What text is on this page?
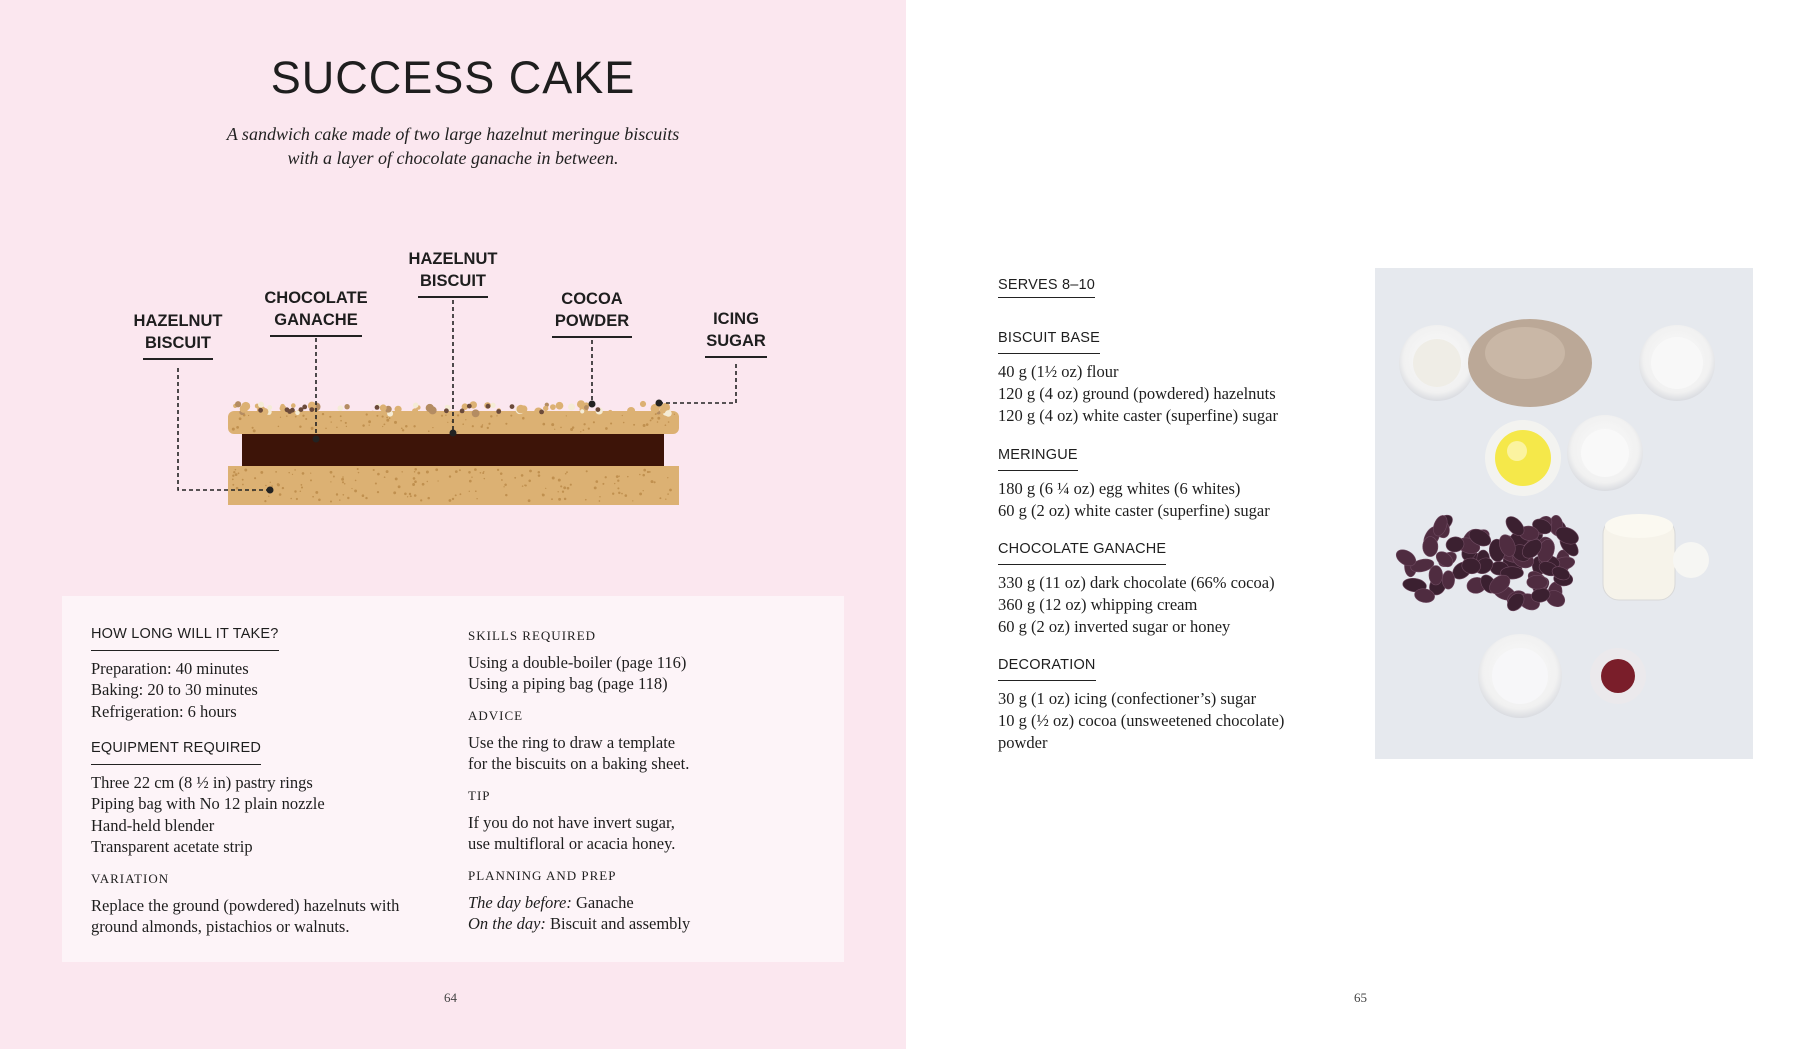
SUCCESS CAKE
A sandwich cake made of two large hazelnut meringue biscuits
with a layer of chocolate ganache in between.
HAZELNUT
BISCUIT
CHOCOLATE
GANACHE
HAZELNUT
BISCUIT
COCOA
POWDER	ICING
SUGAR
HOW LONG WILL IT TAKE?
Preparation: 40 minutes
Baking: 20 to 30 minutes
Refrigeration: 6 hours
EQUIPMENT REQUIRED
Three 22 cm (8 ½ in) pastry rings
Piping bag with No 12 plain nozzle
Hand-held blender
Transparent acetate strip
VARIATION
Replace the ground (powdered) hazelnuts with
ground almonds, pistachios or walnuts.
SKILLS REQUIRED
Using a double-boiler (page 116)
Using a piping bag (page 118)
ADVICE
Use the ring to draw a template
for the biscuits on a baking sheet.
TIP
If you do not have invert sugar,
use multifloral or acacia honey.
PLANNING AND PREP
The day before: Ganache
On the day: Biscuit and assembly
64	65
SERVES 8–10
BISCUIT BASE
40 g (1½ oz) flour
120 g (4 oz) ground (powdered) hazelnuts
120 g (4 oz) white caster (superfine) sugar
MERINGUE
180 g (6 ¼ oz) egg whites (6 whites)
60 g (2 oz) white caster (superfine) sugar
CHOCOLATE GANACHE
330 g (11 oz) dark chocolate (66% cocoa)
360 g (12 oz) whipping cream
60 g (2 oz) inverted sugar or honey
DECORATION
30 g (1 oz) icing (confectioner’s) sugar
10 g (½ oz) cocoa (unsweetened chocolate)
powder
